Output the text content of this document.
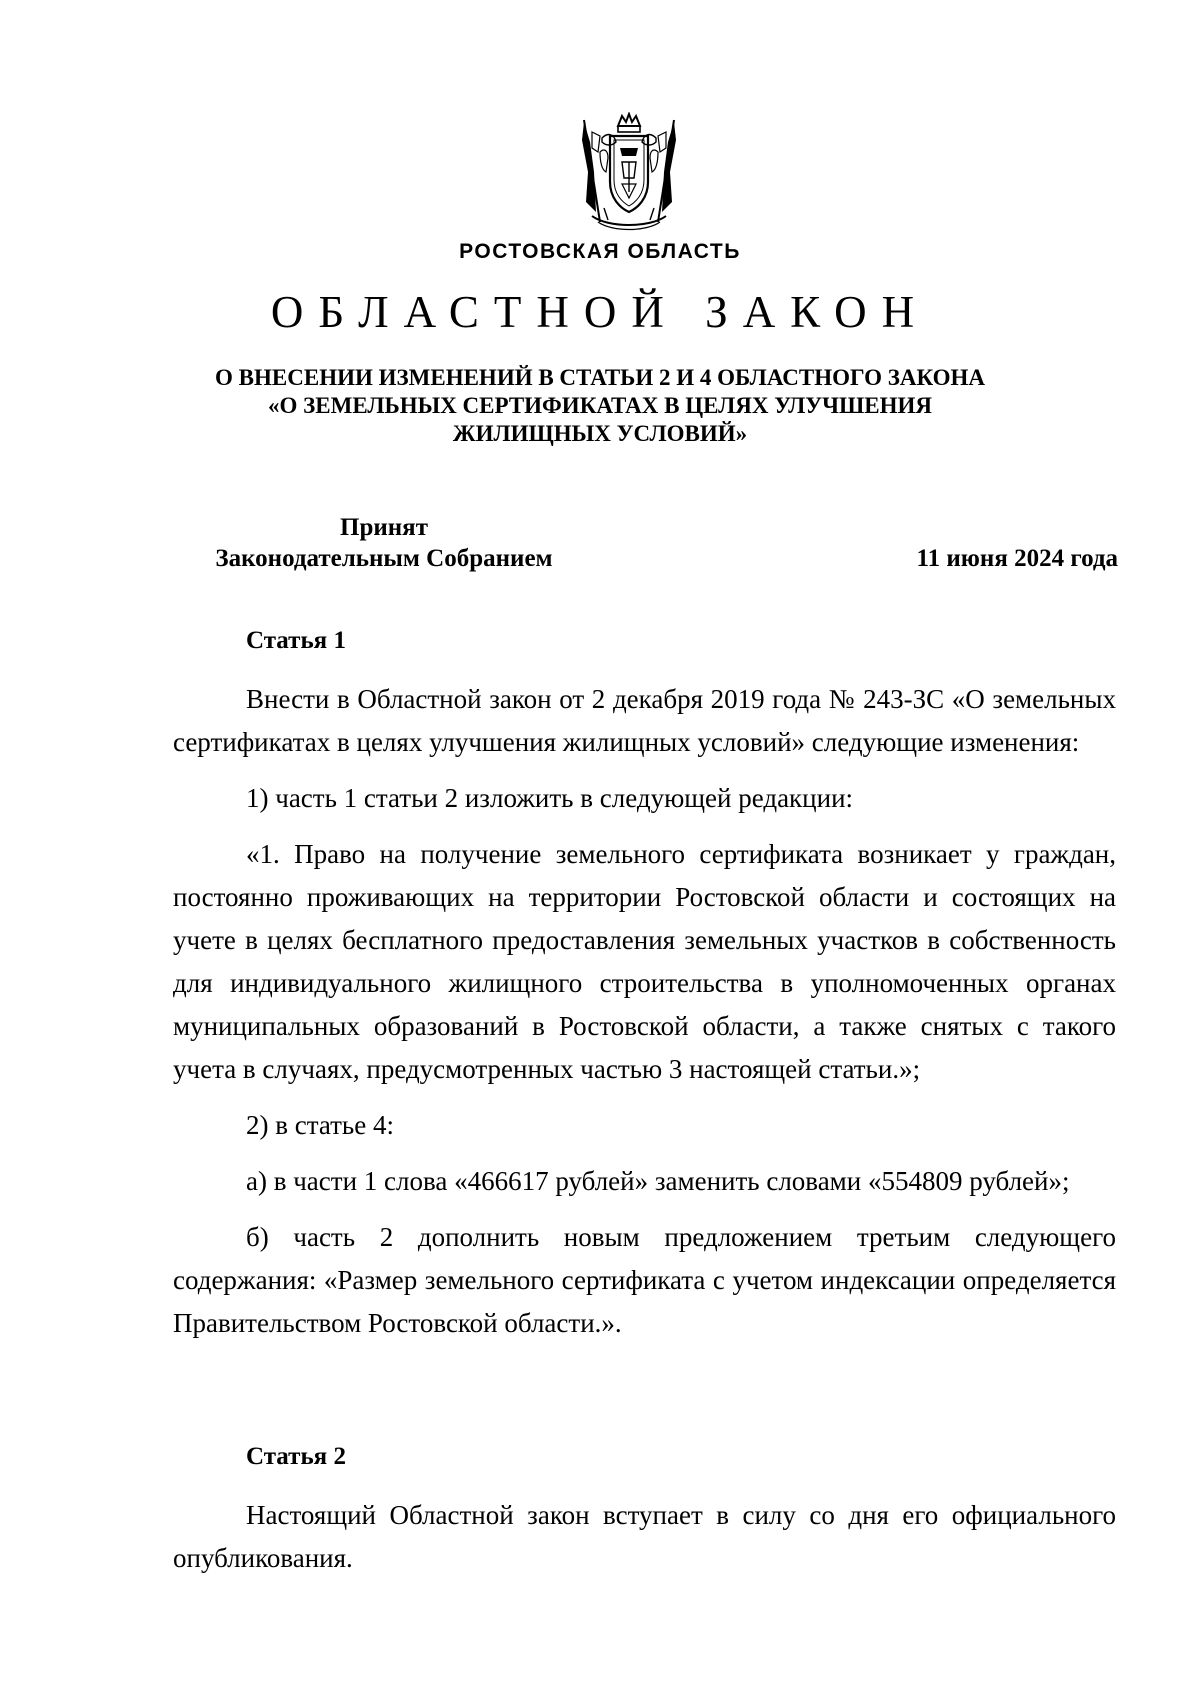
РОСТОВСКАЯ ОБЛАСТЬ
ОБЛАСТНОЙ ЗАКОН
О ВНЕСЕНИИ ИЗМЕНЕНИЙ В СТАТЬИ 2 И 4 ОБЛАСТНОГО ЗАКОНА
«О ЗЕМЕЛЬНЫХ СЕРТИФИКАТАХ В ЦЕЛЯХ УЛУЧШЕНИЯ
ЖИЛИЩНЫХ УСЛОВИЙ»
Принят
Законодательным Собранием	11 июня 2024 года
Статья 1

Внести в Областной закон от 2 декабря 2019 года № 243-ЗС «О земельных сертификатах в целях улучшения жилищных условий» следующие изменения:

1) часть 1 статьи 2 изложить в следующей редакции:

«1. Право на получение земельного сертификата возникает у граждан, постоянно проживающих на территории Ростовской области и состоящих на учете в целях бесплатного предоставления земельных участков в собственность для индивидуального жилищного строительства в уполномоченных органах муниципальных образований в Ростовской области, а также снятых с такого учета в случаях, предусмотренных частью 3 настоящей статьи.»;

2) в статье 4:

а) в части 1 слова «466617 рублей» заменить словами «554809 рублей»;

б) часть 2 дополнить новым предложением третьим следующего содержания: «Размер земельного сертификата с учетом индексации определяется Правительством Ростовской области.».

Статья 2

Настоящий Областной закон вступает в силу со дня его официального опубликования.
